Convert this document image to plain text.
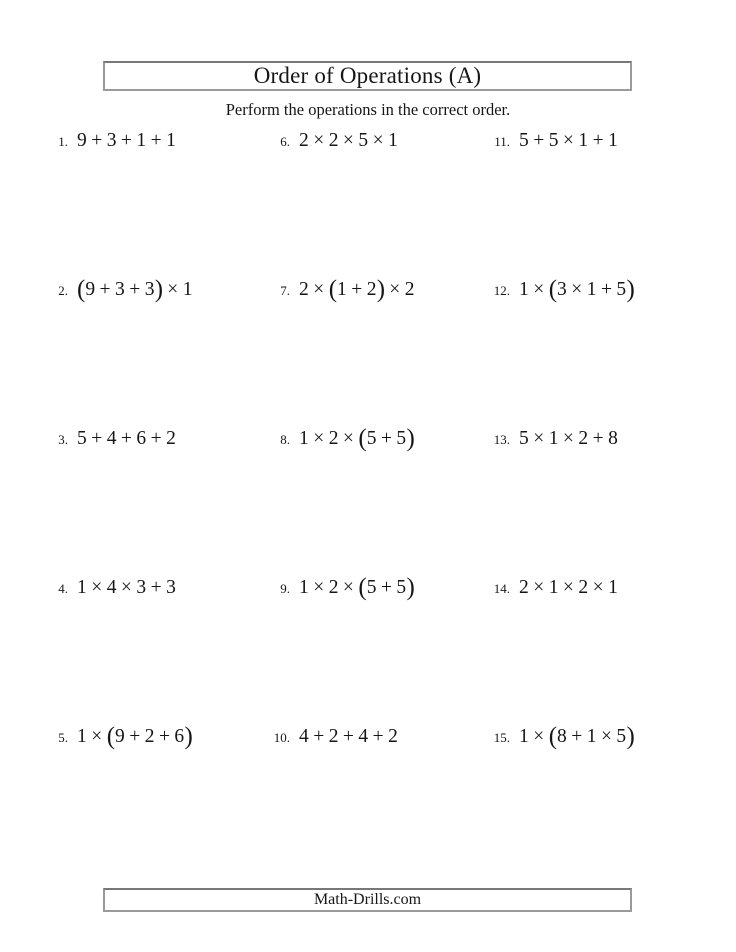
Order of Operations (A)
Perform the operations in the correct order.
1. 9 + 3 + 1 + 1
2. (9 + 3 + 3) × 1
3. 5 + 4 + 6 + 2
4. 1 × 4 × 3 + 3
5. 1 × (9 + 2 + 6)
6. 2 × 2 × 5 × 1
7. 2 × (1 + 2) × 2
8. 1 × 2 × (5 + 5)
9. 1 × 2 × (5 + 5)
10. 4 + 2 + 4 + 2
11. 5 + 5 × 1 + 1
12. 1 × (3 × 1 + 5)
13. 5 × 1 × 2 + 8
14. 2 × 1 × 2 × 1
15. 1 × (8 + 1 × 5)
Math-Drills.com
